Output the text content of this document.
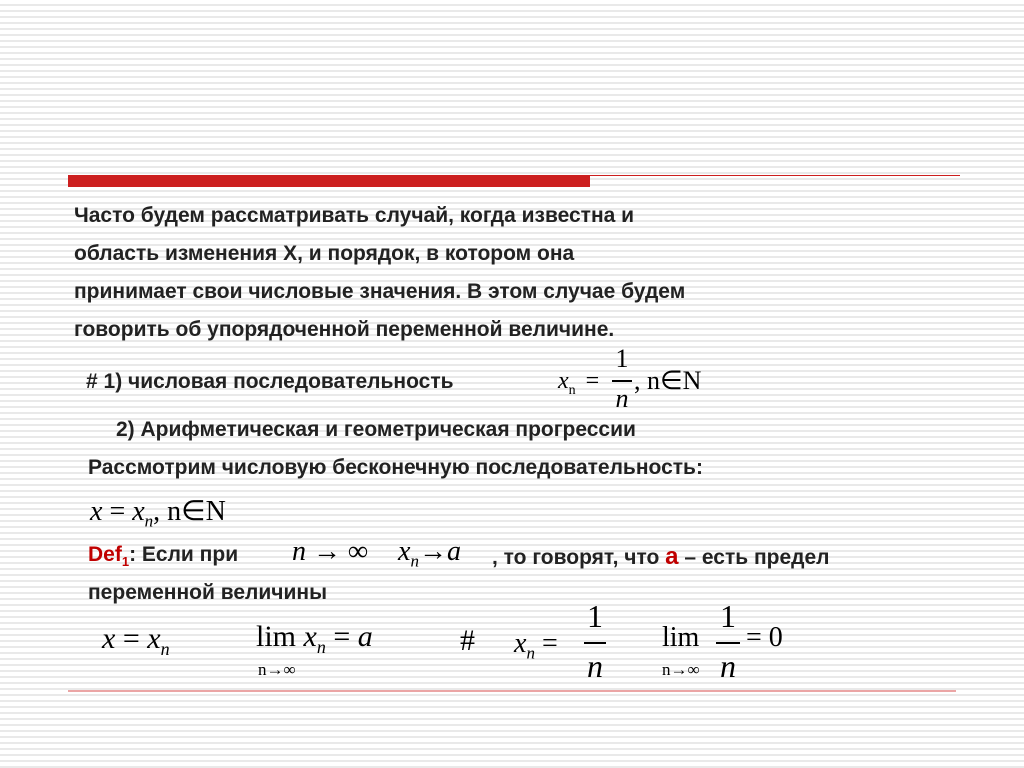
Часто будем рассматривать случай, когда известна и
область изменения Х, и порядок, в котором она
принимает свои числовые значения. В этом случае будем
говорить об упорядоченной переменной величине.
# 1) числовая последовательность	$x_n$ =
1
n
, n∈N
2) Арифметическая и геометрическая прогрессии
Рассмотрим числовую бесконечную последовательность:
$x = x_n$, n∈N
Def$_1$: Если при n → ∞ $x_n\to a$ , то говорят, что а – есть предел
переменной величины
$x = x_n$	$\lim x_n = a$
n→∞
# $x_n$ =
1
n
lim
n→∞
1
n
= 0
